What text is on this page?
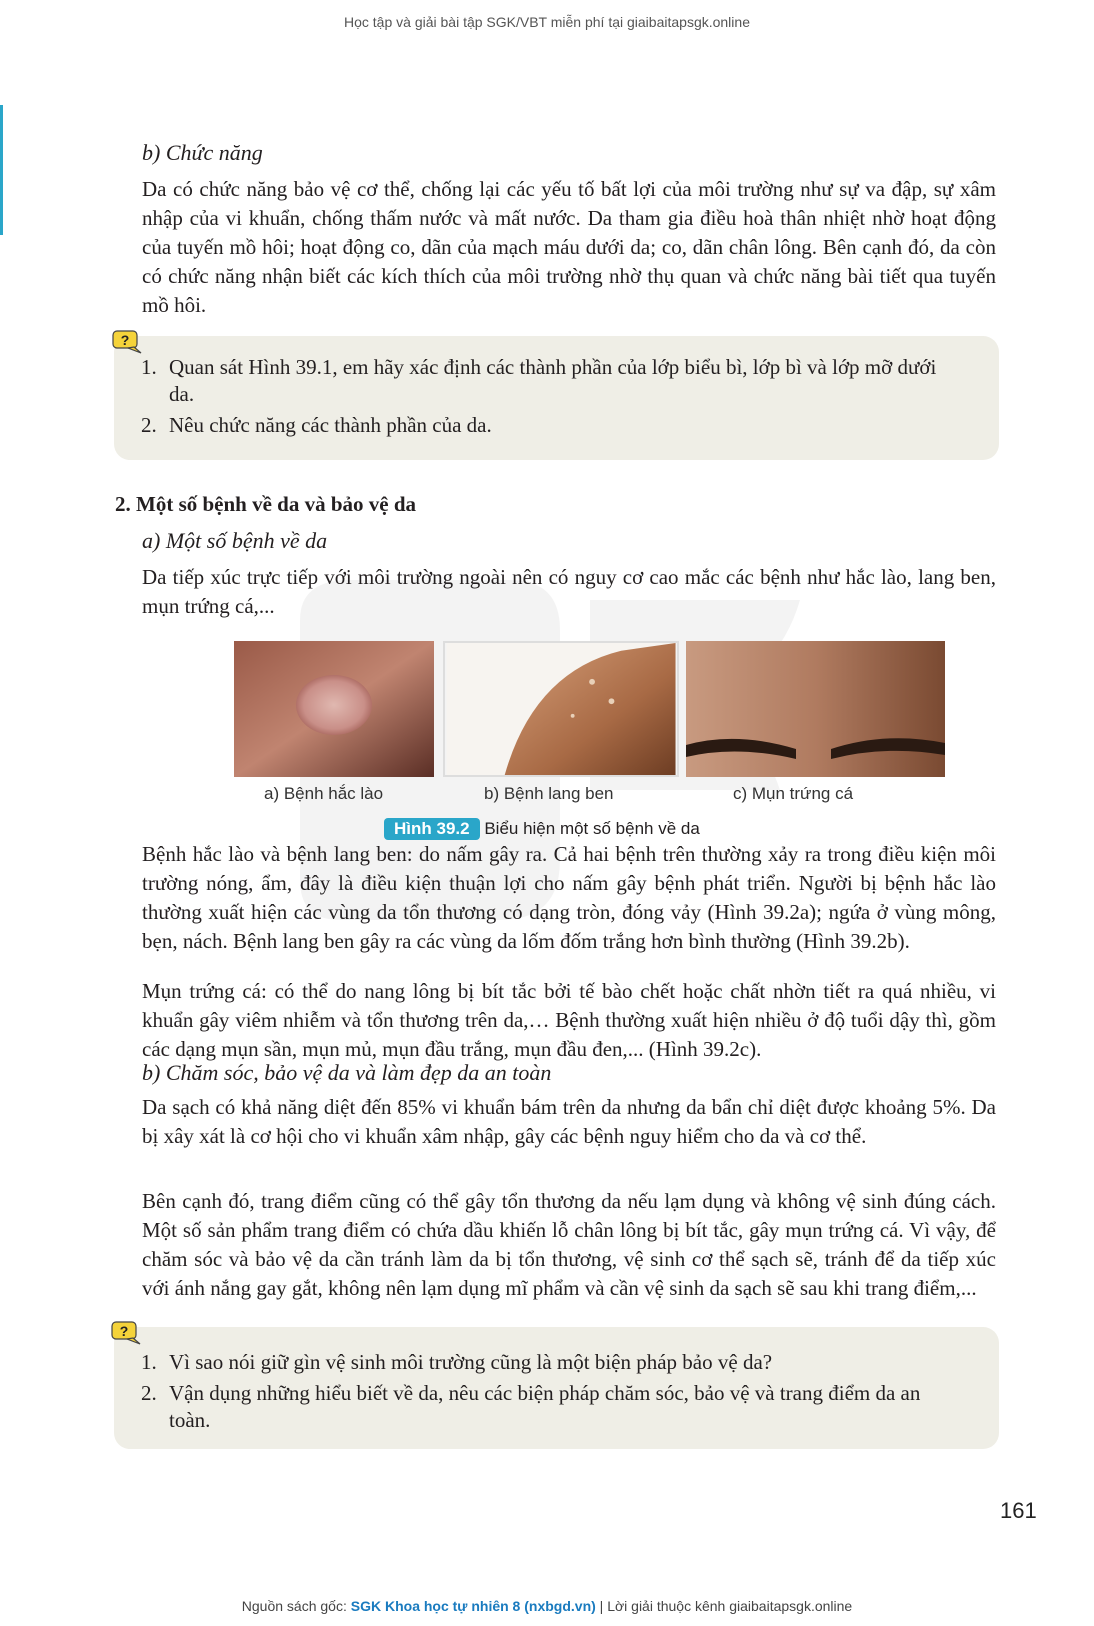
Học tập và giải bài tập SGK/VBT miễn phí tại giaibaitapsgk.online
b) Chức năng

Da có chức năng bảo vệ cơ thể, chống lại các yếu tố bất lợi của môi trường như sự va đập, sự xâm nhập của vi khuẩn, chống thấm nước và mất nước. Da tham gia điều hoà thân nhiệt nhờ hoạt động của tuyến mồ hôi; hoạt động co, dãn của mạch máu dưới da; co, dãn chân lông. Bên cạnh đó, da còn có chức năng nhận biết các kích thích của môi trường nhờ thụ quan và chức năng bài tiết qua tuyến mồ hôi.

1. Quan sát Hình 39.1, em hãy xác định các thành phần của lớp biểu bì, lớp bì và lớp mỡ dưới da.
2. Nêu chức năng các thành phần của da.
?
2. Một số bệnh về da và bảo vệ da
a) Một số bệnh về da

Da tiếp xúc trực tiếp với môi trường ngoài nên có nguy cơ cao mắc các bệnh như hắc lào, lang ben, mụn trứng cá,...

a) Bệnh hắc lào	b) Bệnh lang ben	c) Mụn trứng cá
Hình 39.2 Biểu hiện một số bệnh về da

Bệnh hắc lào và bệnh lang ben: do nấm gây ra. Cả hai bệnh trên thường xảy ra trong điều kiện môi trường nóng, ẩm, đây là điều kiện thuận lợi cho nấm gây bệnh phát triển. Người bị bệnh hắc lào thường xuất hiện các vùng da tổn thương có dạng tròn, đóng vảy (Hình 39.2a); ngứa ở vùng mông, bẹn, nách. Bệnh lang ben gây ra các vùng da lốm đốm trắng hơn bình thường (Hình 39.2b).

Mụn trứng cá: có thể do nang lông bị bít tắc bởi tế bào chết hoặc chất nhờn tiết ra quá nhiều, vi khuẩn gây viêm nhiễm và tổn thương trên da,… Bệnh thường xuất hiện nhiều ở độ tuổi dậy thì, gồm các dạng mụn sần, mụn mủ, mụn đầu trắng, mụn đầu đen,... (Hình 39.2c).

b) Chăm sóc, bảo vệ da và làm đẹp da an toàn

Da sạch có khả năng diệt đến 85% vi khuẩn bám trên da nhưng da bẩn chỉ diệt được khoảng 5%. Da bị xây xát là cơ hội cho vi khuẩn xâm nhập, gây các bệnh nguy hiểm cho da và cơ thể.

Bên cạnh đó, trang điểm cũng có thể gây tổn thương da nếu lạm dụng và không vệ sinh đúng cách. Một số sản phẩm trang điểm có chứa dầu khiến lỗ chân lông bị bít tắc, gây mụn trứng cá. Vì vậy, để chăm sóc và bảo vệ da cần tránh làm da bị tổn thương, vệ sinh cơ thể sạch sẽ, tránh để da tiếp xúc với ánh nắng gay gắt, không nên lạm dụng mĩ phẩm và cần vệ sinh da sạch sẽ sau khi trang điểm,...

1. Vì sao nói giữ gìn vệ sinh môi trường cũng là một biện pháp bảo vệ da?
2. Vận dụng những hiểu biết về da, nêu các biện pháp chăm sóc, bảo vệ và trang điểm da an toàn.
?
161
Nguồn sách gốc: SGK Khoa học tự nhiên 8 (nxbgd.vn) | Lời giải thuộc kênh giaibaitapsgk.online
